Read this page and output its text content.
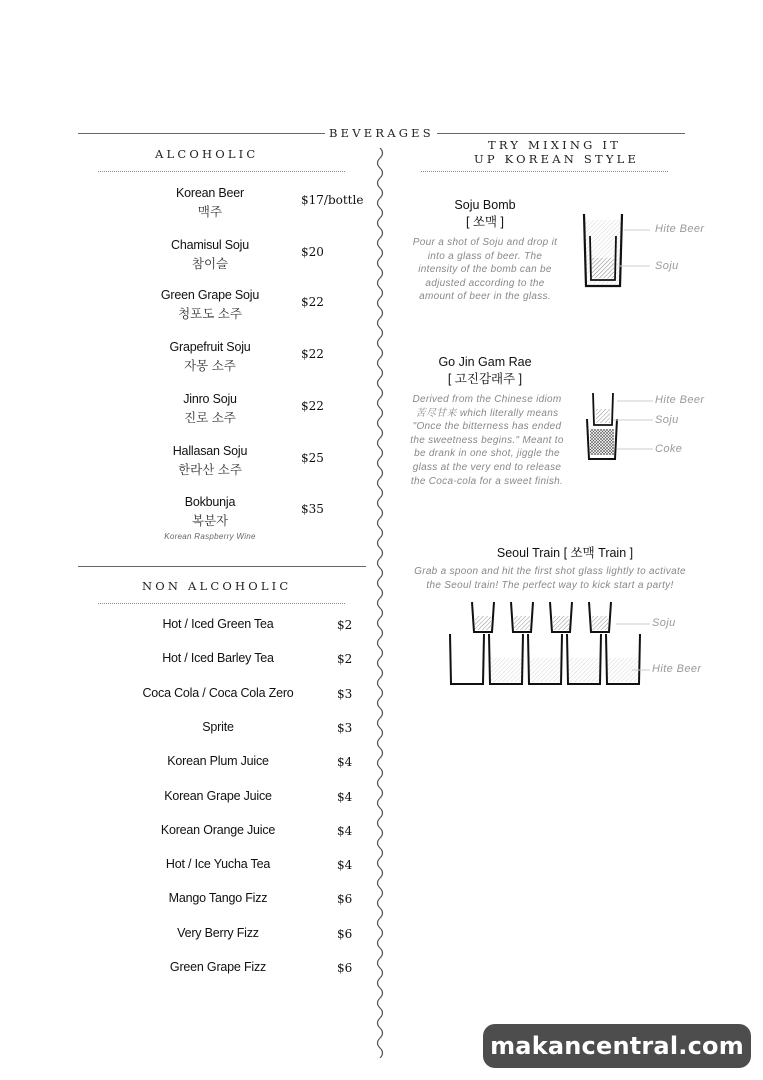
BEVERAGES
ALCOHOLIC
Korean Beer
맥주
$17/bottle
Chamisul Soju
참이슬
$20
Green Grape Soju
청포도 소주
$22
Grapefruit Soju
자몽 소주
$22
Jinro Soju
진로 소주
$22
Hallasan Soju
한라산 소주
$25
Bokbunja
복분자
Korean Raspberry Wine
$35
NON ALCOHOLIC
Hot / Iced Green Tea	$2
Hot / Iced Barley Tea	$2
Coca Cola / Coca Cola Zero	$3
Sprite	$3
Korean Plum Juice	$4
Korean Grape Juice	$4
Korean Orange Juice	$4
Hot / Ice Yucha Tea	$4
Mango Tango Fizz	$6
Very Berry Fizz	$6
Green Grape Fizz	$6
TRY MIXING IT
UP KOREAN STYLE
Soju Bomb
[ 쏘맥 ]
Pour a shot of Soju and drop it
into a glass of beer. The
intensity of the bomb can be
adjusted according to the
amount of beer in the glass.
Hite Beer
Soju
Go Jin Gam Rae
[ 고진감래주 ]
Derived from the Chinese idiom
苦尽甘来 which literally means
"Once the bitterness has ended
the sweetness begins." Meant to
be drank in one shot, jiggle the
glass at the very end to release
the Coca-cola for a sweet finish.
Hite Beer
Soju
Coke
Seoul Train [ 쏘맥 Train ]
Grab a spoon and hit the first shot glass lightly to activate
the Seoul train! The perfect way to kick start a party!
Soju
Hite Beer
makancentral.com
